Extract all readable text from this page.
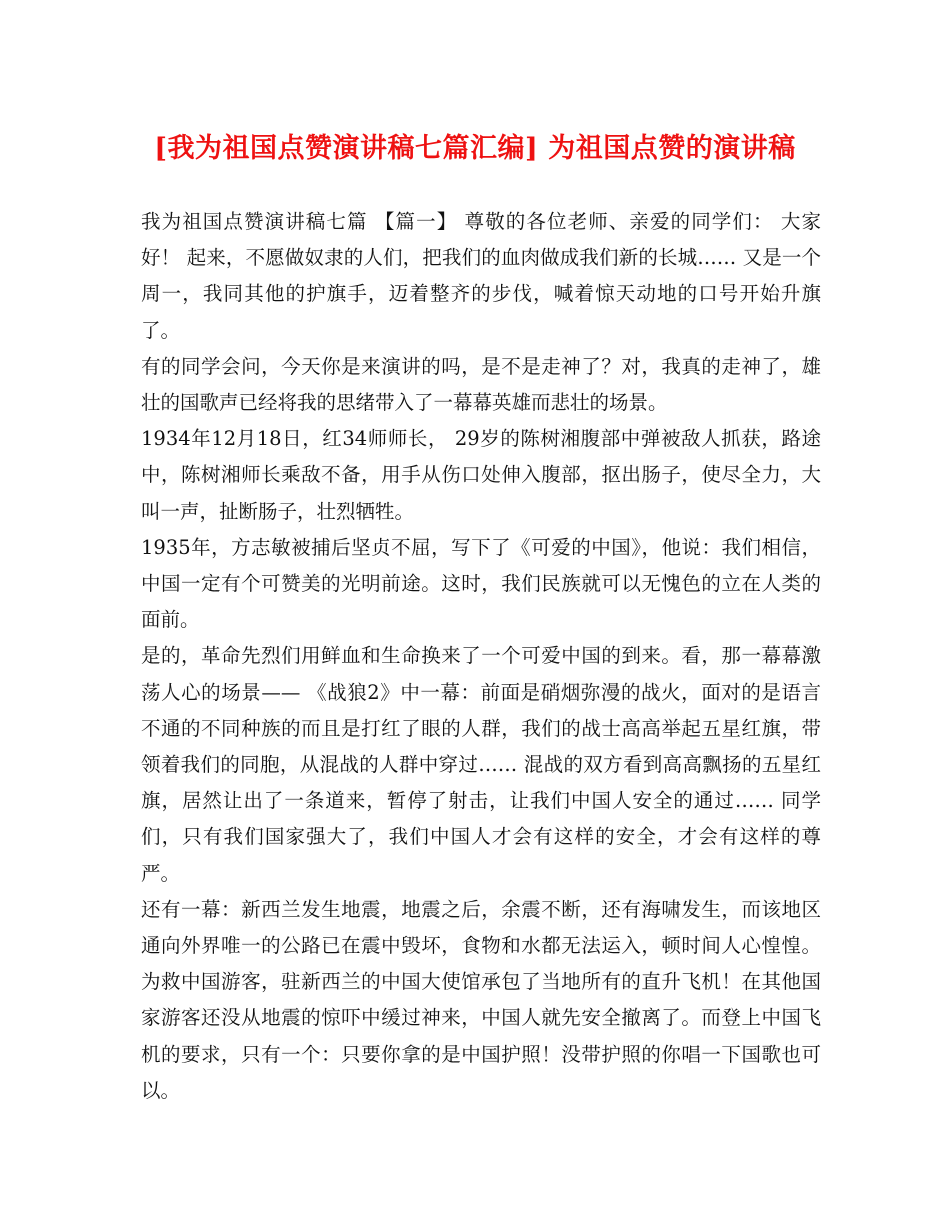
[我为祖国点赞演讲稿七篇汇编] 为祖国点赞的演讲稿

我为祖国点赞演讲稿七篇 【篇一】 尊敬的各位老师、亲爱的同学们： 大家好！ 起来，不愿做奴隶的人们，把我们的血肉做成我们新的长城…… 又是一个周一，我同其他的护旗手，迈着整齐的步伐，喊着惊天动地的口号开始升旗了。

有的同学会问，今天你是来演讲的吗，是不是走神了？对，我真的走神了，雄壮的国歌声已经将我的思绪带入了一幕幕英雄而悲壮的场景。

1934年12月18日，红34师师长， 29岁的陈树湘腹部中弹被敌人抓获，路途中，陈树湘师长乘敌不备，用手从伤口处伸入腹部，抠出肠子，使尽全力，大叫一声，扯断肠子，壮烈牺牲。

1935年，方志敏被捕后坚贞不屈，写下了《可爱的中国》，他说：我们相信，中国一定有个可赞美的光明前途。这时，我们民族就可以无愧色的立在人类的面前。

是的，革命先烈们用鲜血和生命换来了一个可爱中国的到来。看，那一幕幕激荡人心的场景—— 《战狼2》中一幕：前面是硝烟弥漫的战火，面对的是语言不通的不同种族的而且是打红了眼的人群，我们的战士高高举起五星红旗，带领着我们的同胞，从混战的人群中穿过…… 混战的双方看到高高飘扬的五星红旗，居然让出了一条道来，暂停了射击，让我们中国人安全的通过…… 同学们，只有我们国家强大了，我们中国人才会有这样的安全，才会有这样的尊严。

还有一幕：新西兰发生地震，地震之后，余震不断，还有海啸发生，而该地区通向外界唯一的公路已在震中毁坏，食物和水都无法运入，顿时间人心惶惶。为救中国游客，驻新西兰的中国大使馆承包了当地所有的直升飞机！在其他国家游客还没从地震的惊吓中缓过神来，中国人就先安全撤离了。而登上中国飞机的要求，只有一个：只要你拿的是中国护照！没带护照的你唱一下国歌也可以。
